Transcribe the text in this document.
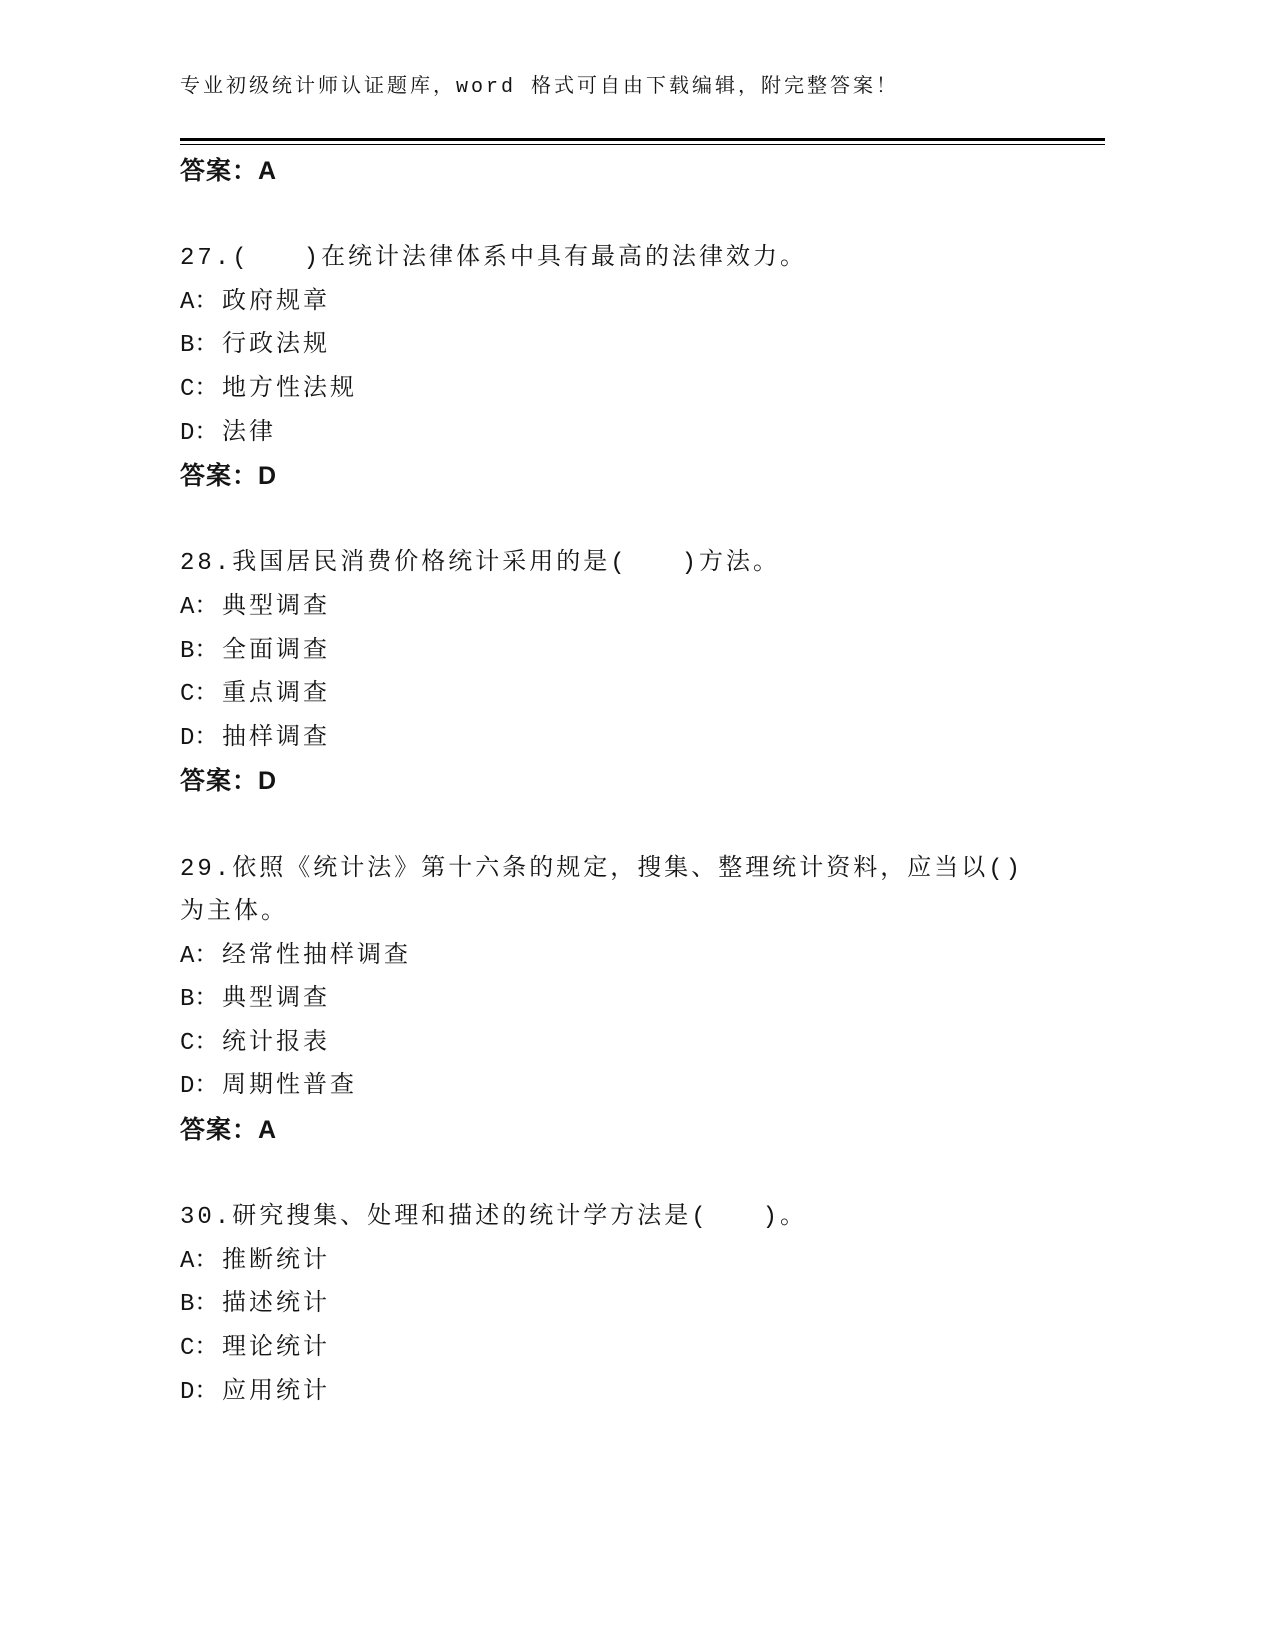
专业初级统计师认证题库，word 格式可自由下载编辑，附完整答案！
答案：A
27.(　　)在统计法律体系中具有最高的法律效力。
A： 政府规章
B： 行政法规
C： 地方性法规
D： 法律
答案：D
28.我国居民消费价格统计采用的是(　　)方法。
A： 典型调查
B： 全面调查
C： 重点调查
D： 抽样调查
答案：D
29.依照《统计法》第十六条的规定，搜集、整理统计资料，应当以()
为主体。
A： 经常性抽样调查
B： 典型调查
C： 统计报表
D： 周期性普查
答案：A
30.研究搜集、处理和描述的统计学方法是(　　)。
A： 推断统计
B： 描述统计
C： 理论统计
D： 应用统计
